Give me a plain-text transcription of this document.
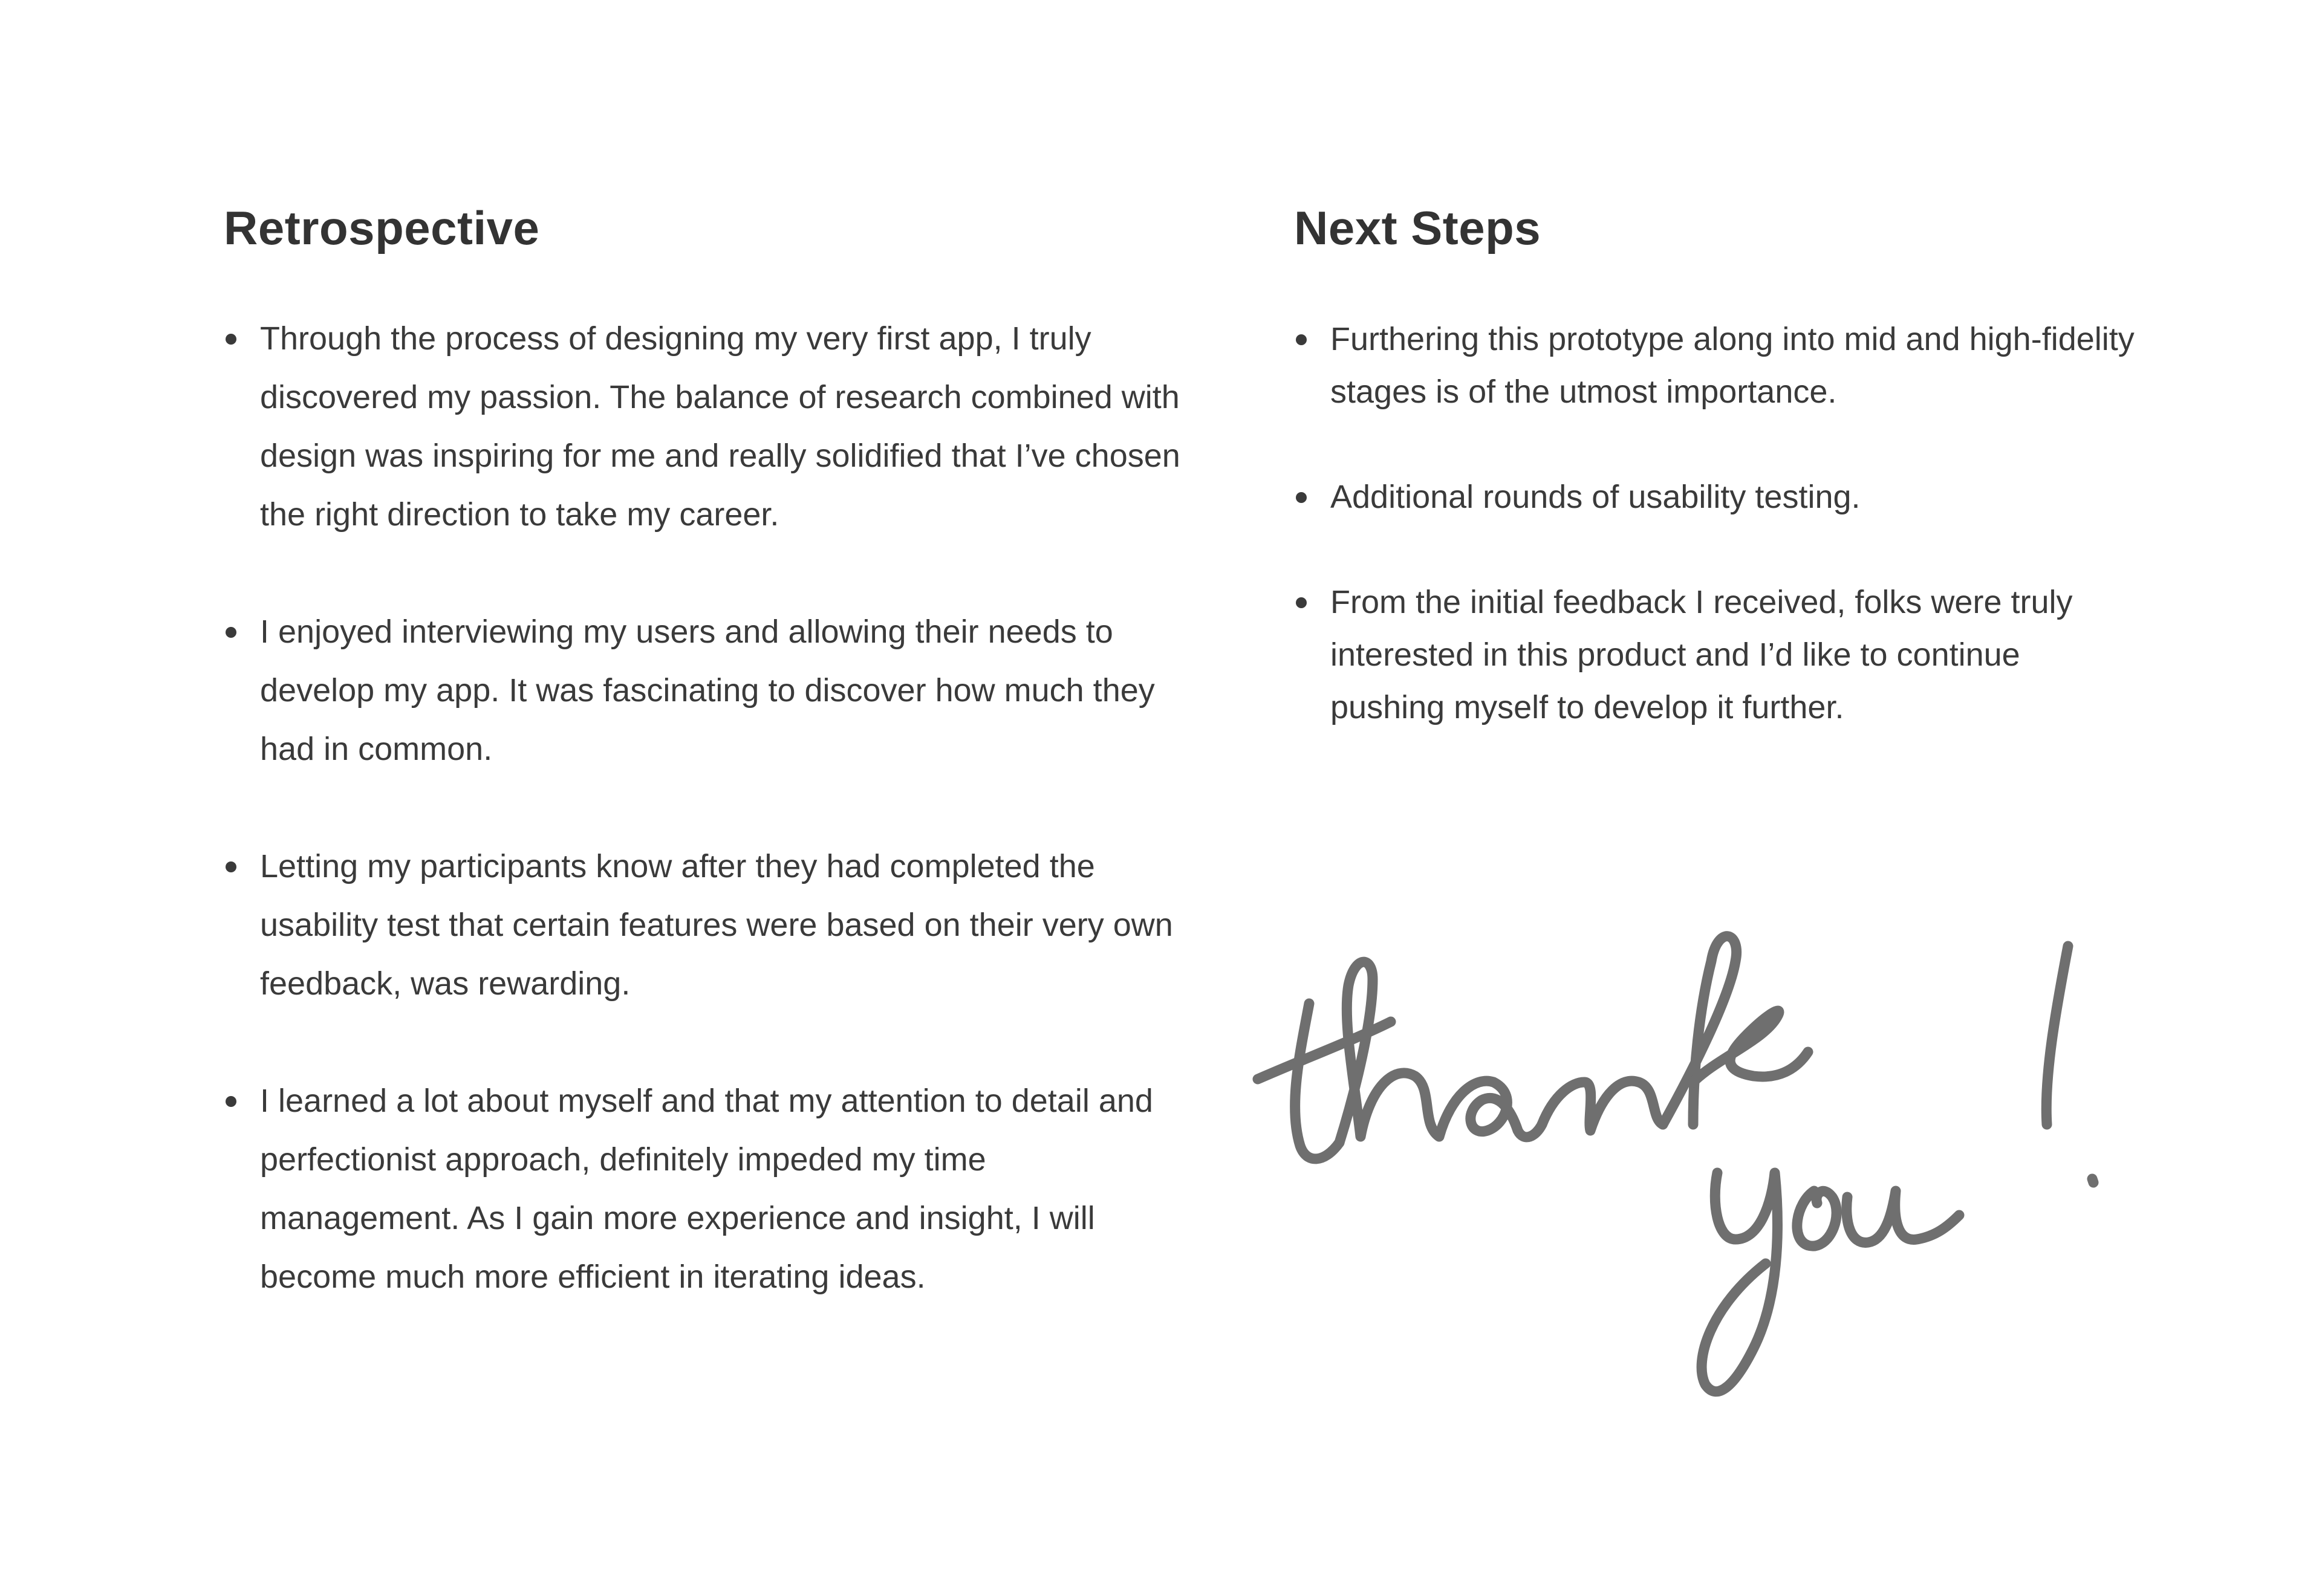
Retrospective
Through the process of designing my very first app, I truly discovered my passion. The balance of research combined with design was inspiring for me and really solidified that I’ve chosen the right direction to take my career.
I enjoyed interviewing my users and allowing their needs to develop my app. It was fascinating to discover how much they had in common.
Letting my participants know after they had completed the usability test that certain features were based on their very own feedback, was rewarding.
I learned a lot about myself and that my attention to detail and perfectionist approach, definitely impeded my time management. As I gain more experience and insight, I will become much more efficient in iterating ideas.
Next Steps
Furthering this prototype along into mid and high-fidelity stages is of the utmost importance.
Additional rounds of usability testing.
From the initial feedback I received, folks were truly interested in this product and I’d like to continue pushing myself to develop it further.
